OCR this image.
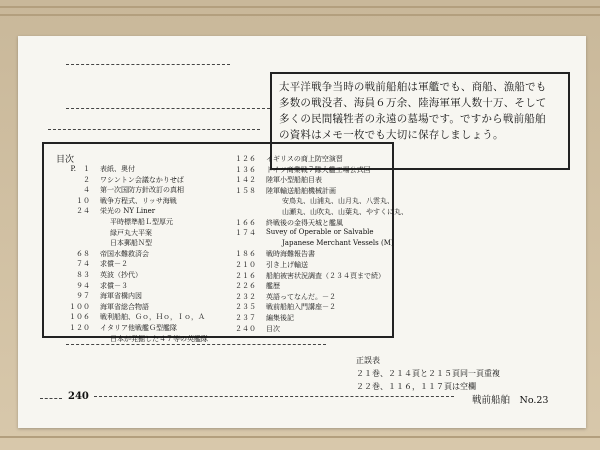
太平洋戦争当時の戦前船舶は軍艦でも、商船、漁船でも
多数の戦没者、海員６万余、陸海軍軍人数十万、そして
多くの民間犠牲者の永遠の墓場です。ですから戦前船舶
の資料はメモ一枚でも大切に保存しましょう。
目次
P.　１ 表紙、奥付
２ ワシントン会議なかりせば
４ 第一次国防方針改訂の真相
１０ 戦争方程式、リッサ海戦
２４ 栄光の NY Liner
平時標準船Ｌ型厚元
緑戸丸大平案
日本郵船Ｎ型
６８ 帝国水難救済会
７４ 求償－２
８３ 英波（抄代）
９４ 求償－３
９７ 海軍省構内図
１００ 海軍省総合物語
１０６ 戦利船舶、Ｇｏ，Ｈｏ，Ｉｏ，Ａ
１２０ イタリア他戦艦Ｇ型艦隊
日本が発掘した４７等の英艦隊
１２６ イギリスの商上防空演習
１３６ ドイツ商業戦７隊大艦工場公式回
１４２ 陸軍小型船舶目表
１５８ 陸軍輸送船舶機械計画
安鳥丸、山浦丸、山月丸、八雲丸、
山瀬丸、山吹丸、山葉丸、やすくに丸、
１６６ 終戦後の金得天城と艦風
１７４ Suvey of Operable or Salvable
Japanese Merchant Vessels (M)
１８６ 戦時海難報告書
２１０ 引き上げ輸送
２１６ 船舶被害状況調査（２３４頁まで続）
２２６ 艦歴
２３２ 英語ってなんだ。－２
２３５ 戦前船舶入門講座－２
２３７ 編集後記
２４０ 目次
正誤表
２１巻、２１４頁と２１５頁同一頁重複
２２巻、１１６，１１７頁は空欄
240	戦前船舶　No.23
